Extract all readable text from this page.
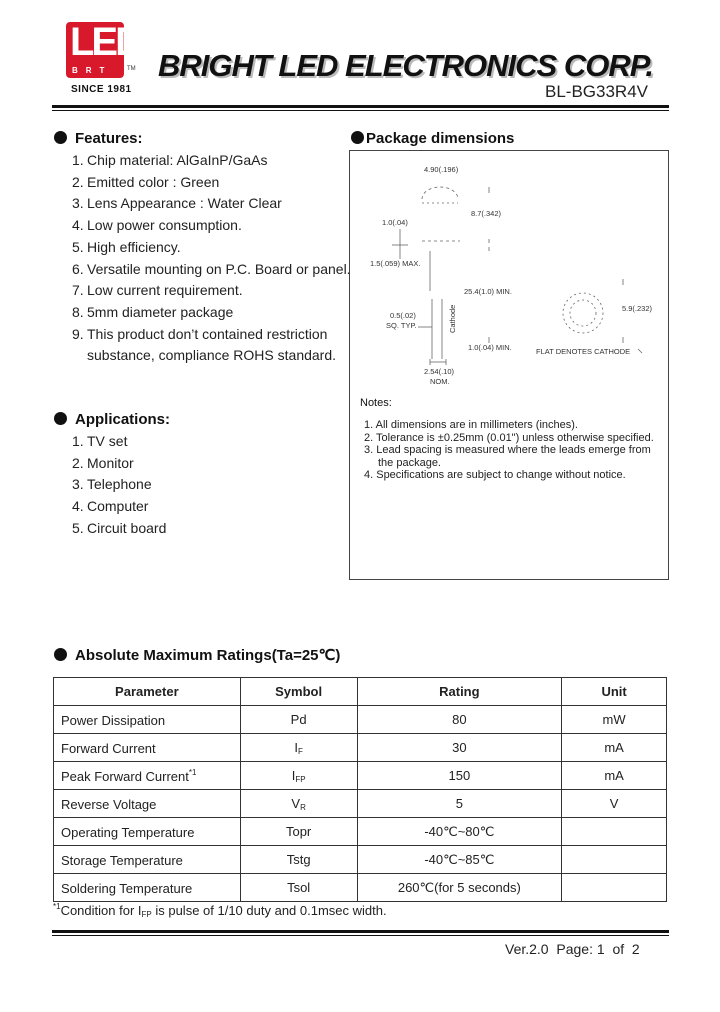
LED
BRT TM
SINCE 1981
BRIGHT LED ELECTRONICS CORP.
BL-BG33R4V
Features:
1. Chip material: AlGaInP/GaAs
2. Emitted color : Green
3. Lens Appearance : Water Clear
4. Low power consumption.
5. High efficiency.
6. Versatile mounting on P.C. Board or panel.
7. Low current requirement.
8. 5mm diameter package
9. This product don’t contained restriction
substance, compliance ROHS standard.
Applications:
1. TV set
2. Monitor
3. Telephone
4. Computer
5. Circuit board
Package dimensions
4.90(.196)
8.7(.342)
1.0(.04)
1.5(.059) MAX.
25.4(1.0) MIN.
0.5(.02)
SQ. TYP.	Cathode
1.0(.04) MIN.
2.54(.10)
NOM.
5.9(.232)
FLAT DENOTES CATHODE
Notes:
1. All dimensions are in millimeters (inches).
2. Tolerance is ±0.25mm (0.01") unless otherwise specified.
3. Lead spacing is measured where the leads emerge from the package.
4. Specifications are subject to change without notice.
Absolute Maximum Ratings(Ta=25℃)
Parameter	Symbol	Rating	Unit
Power Dissipation	Pd	80	mW
Forward Current	$I_F$	30	mA
Peak Forward Current$^{*1}$	$I_{FP}$	150	mA
Reverse Voltage	$V_R$	5	V
Operating Temperature	Topr	-40℃~80℃	
Storage Temperature	Tstg	-40℃~85℃	
Soldering Temperature	Tsol	260℃(for 5 seconds)	
$^{*1}$Condition for $I_{FP}$ is pulse of 1/10 duty and 0.1msec width.
Ver.2.0 Page: 1 of 2
